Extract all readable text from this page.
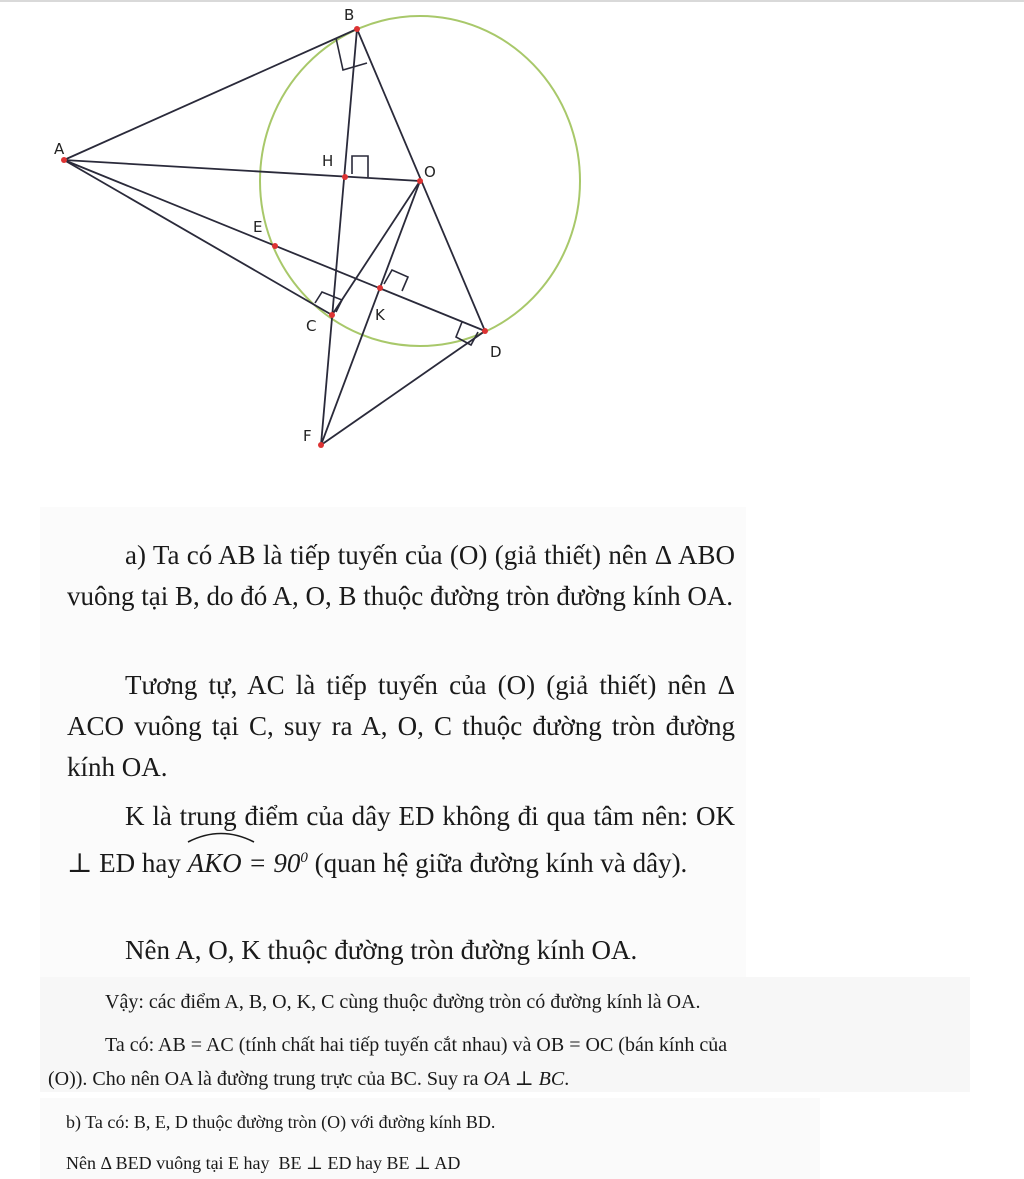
B
A
H
O
E
C
K
D
F

a) Ta có AB là tiếp tuyến của (O) (giả thiết) nên Δ ABO vuông tại B, do đó A, O, B thuộc đường tròn đường kính OA.

Tương tự, AC là tiếp tuyến của (O) (giả thiết) nên Δ ACO vuông tại C, suy ra A, O, C thuộc đường tròn đường kính OA.

K là trung điểm của dây ED không đi qua tâm nên: OK ⊥ ED hay AKO = $90^0$ (quan hệ giữa đường kính và dây).

Nên A, O, K thuộc đường tròn đường kính OA.

Vậy: các điểm A, B, O, K, C cùng thuộc đường tròn có đường kính là OA.

Ta có: AB = AC (tính chất hai tiếp tuyến cắt nhau) và OB = OC (bán kính của

(O)). Cho nên OA là đường trung trực của BC. Suy ra OA ⊥ BC.

b) Ta có: B, E, D thuộc đường tròn (O) với đường kính BD.

Nên Δ BED vuông tại E hay  BE ⊥ ED hay BE ⊥ AD
